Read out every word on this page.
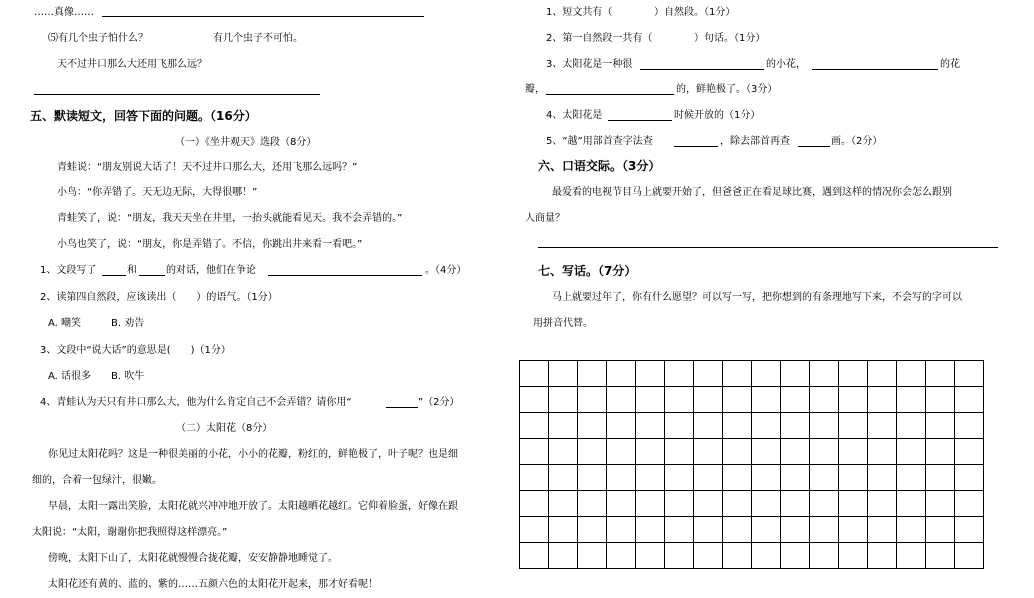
……真像……
⑸有几个虫子怕什么？	有几个虫子不可怕。
天不过井口那么大还用飞那么远？
五、默读短文，回答下面的问题。（16分）
（一）《坐井观天》选段（8分）
青蛙说：“朋友别说大话了！天不过井口那么大，还用飞那么远吗？”
小鸟：“你弄错了。天无边无际，大得很哪！”
青蛙笑了，说：“朋友，我天天坐在井里，一抬头就能看见天。我不会弄错的。”
小鸟也笑了，说：“朋友，你是弄错了。不信，你跳出井来看一看吧。”
1、文段写了	和	的对话，他们在争论	。（4分）
2、读第四自然段，应该读出（　　）的语气。（1分）
A. 嘲笑　　　B. 劝告
3、文段中“说大话”的意思是(　　)（1分）
A. 话很多　　B. 吹牛
4、青蛙认为天只有井口那么大，他为什么肯定自己不会弄错？请你用“	”（2分）
（二）太阳花（8分）
你见过太阳花吗？这是一种很美丽的小花，小小的花瓣，粉红的，鲜艳极了，叶子呢？也是细
细的，合着一包绿汁，很嫩。
早晨，太阳一露出笑脸，太阳花就兴冲冲地开放了。太阳越晒花越红。它仰着脸蛋，好像在跟
太阳说：“太阳，谢谢你把我照得这样漂亮。”
傍晚，太阳下山了，太阳花就慢慢合拢花瓣，安安静静地睡觉了。
太阳花还有黄的、蓝的、紫的……五颜六色的太阳花开起来，那才好看呢！
1、短文共有（	）自然段。（1分）
2、第一自然段一共有（	）句话。（1分）
3、太阳花是一种很	的小花，	的花
瓣，	的，鲜艳极了。（3分）
4、太阳花是	时候开放的（1分）
5、“越”用部首查字法查	，除去部首再查	画。（2分）
六、口语交际。（3分）
最爱看的电视节目马上就要开始了，但爸爸正在看足球比赛，遇到这样的情况你会怎么跟别
人商量？
七、写话。（7分）
马上就要过年了，你有什么愿望？可以写一写，把你想到的有条理地写下来，不会写的字可以
用拼音代替。
